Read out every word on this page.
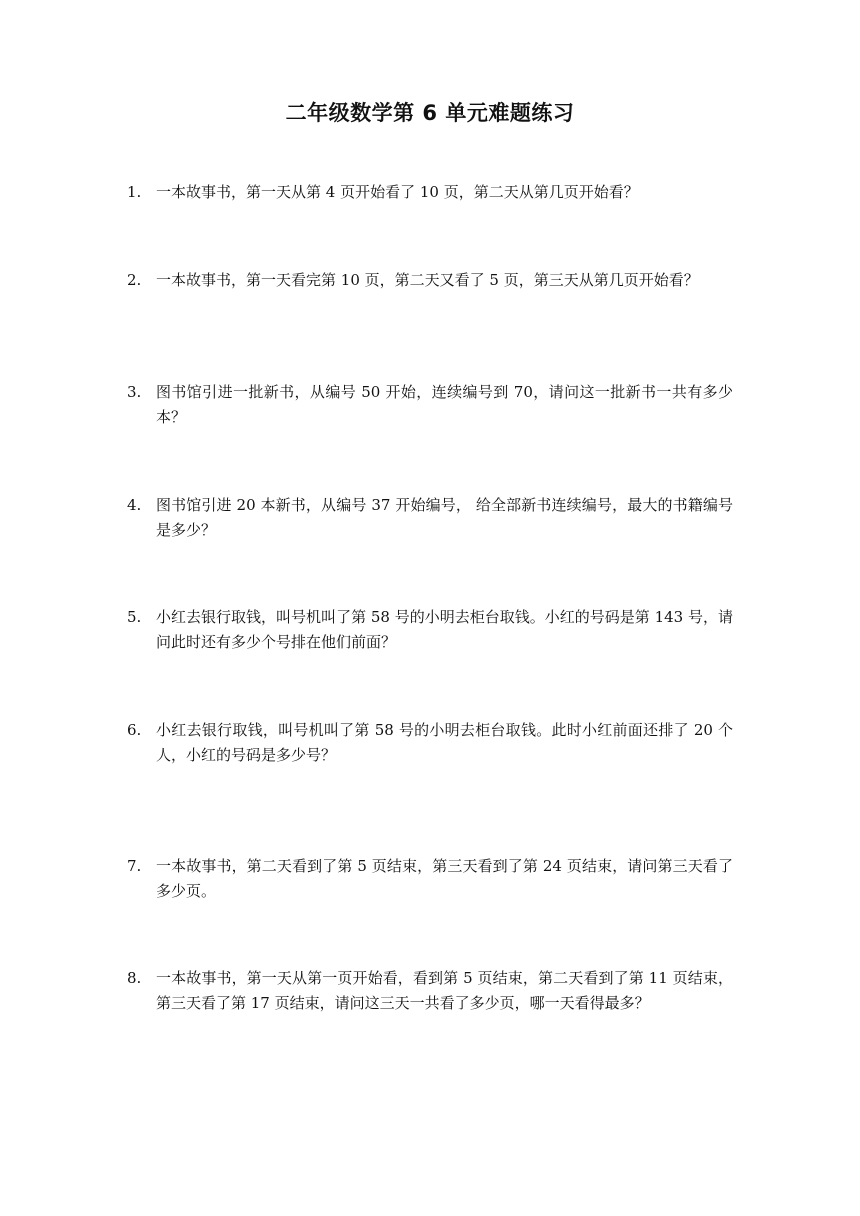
二年级数学第 6 单元难题练习
1. 一本故事书，第一天从第 4 页开始看了 10 页，第二天从第几页开始看？
2. 一本故事书，第一天看完第 10 页，第二天又看了 5 页，第三天从第几页开始看？
3. 图书馆引进一批新书，从编号 50 开始，连续编号到 70，请问这一批新书一共有多少本？
4. 图书馆引进 20 本新书，从编号 37 开始编号， 给全部新书连续编号，最大的书籍编号是多少？
5. 小红去银行取钱，叫号机叫了第 58 号的小明去柜台取钱。小红的号码是第 143 号，请问此时还有多少个号排在他们前面？
6. 小红去银行取钱，叫号机叫了第 58 号的小明去柜台取钱。此时小红前面还排了 20 个人，小红的号码是多少号？
7. 一本故事书，第二天看到了第 5 页结束，第三天看到了第 24 页结束，请问第三天看了多少页。
8. 一本故事书，第一天从第一页开始看，看到第 5 页结束，第二天看到了第 11 页结束，第三天看了第 17 页结束，请问这三天一共看了多少页，哪一天看得最多？
